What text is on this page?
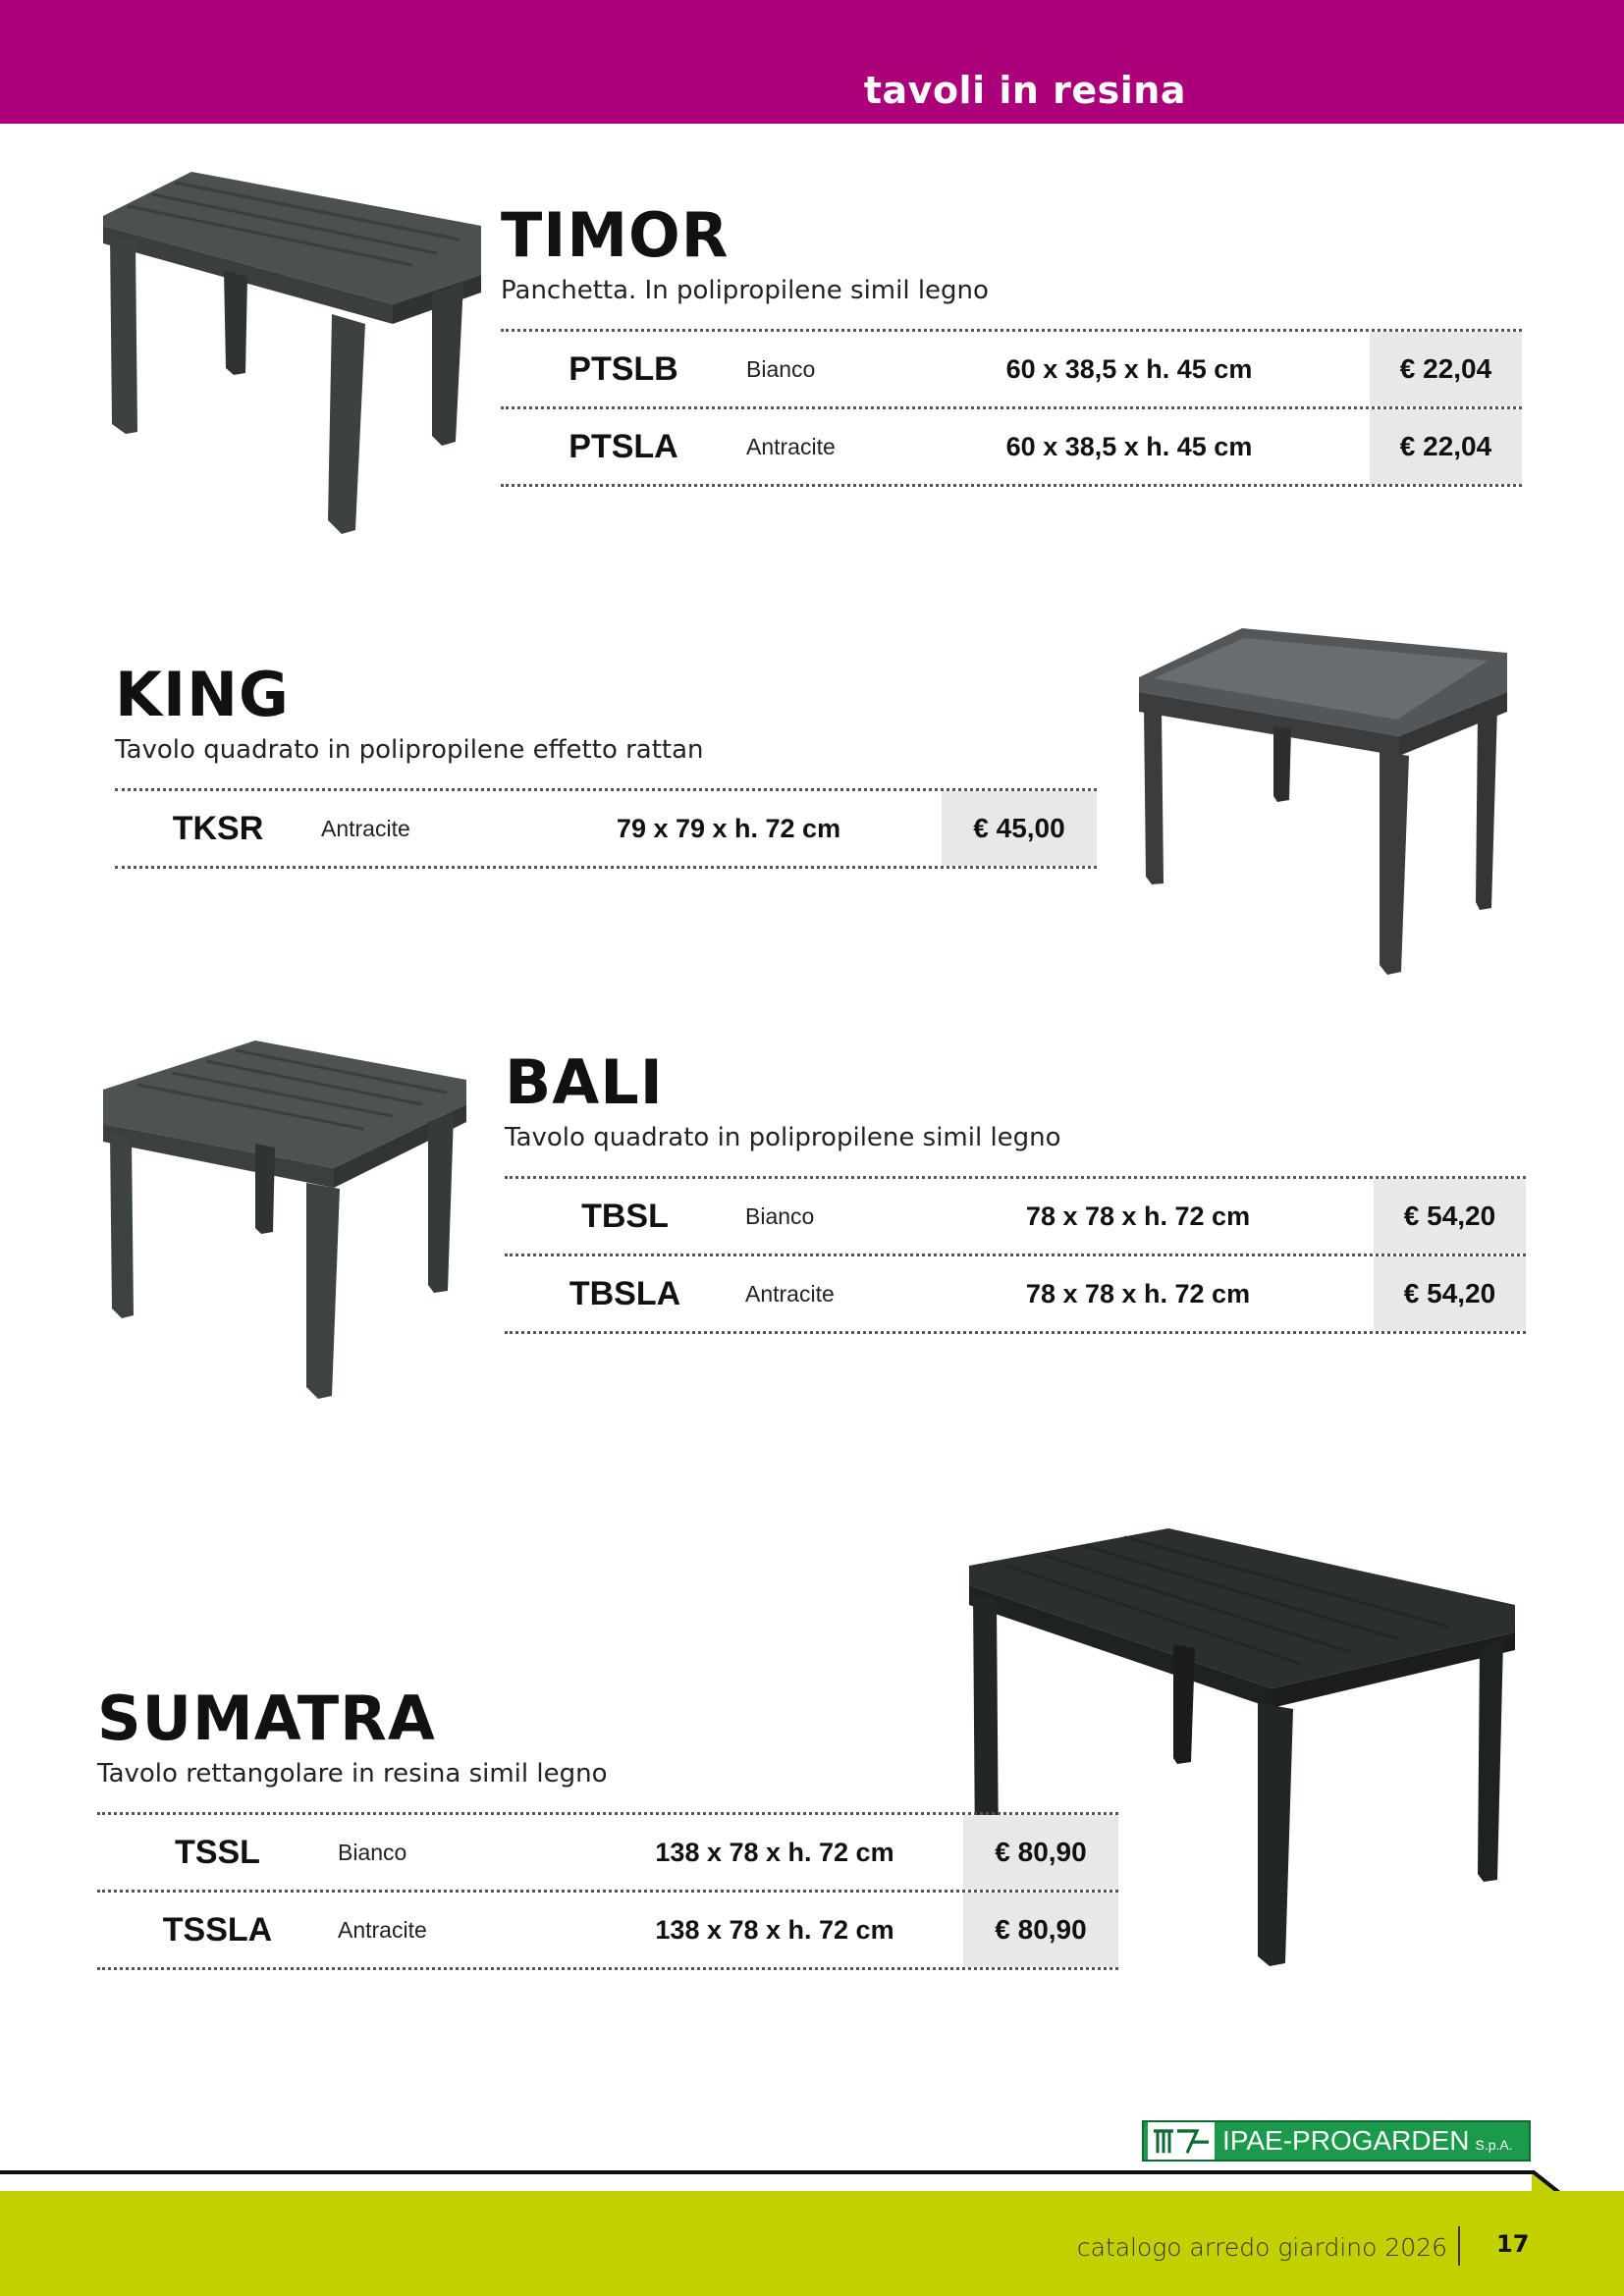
tavoli in resina
TIMOR
Panchetta. In polipropilene simil legno
PTSLB	Bianco	60 x 38,5 x h. 45 cm	€ 22,04
PTSLA	Antracite	60 x 38,5 x h. 45 cm	€ 22,04
KING
Tavolo quadrato in polipropilene effetto rattan
TKSR	Antracite	79 x 79 x h. 72 cm	€ 45,00
BALI
Tavolo quadrato in polipropilene simil legno
TBSL	Bianco	78 x 78 x h. 72 cm	€ 54,20
TBSLA	Antracite	78 x 78 x h. 72 cm	€ 54,20
SUMATRA
Tavolo rettangolare in resina simil legno
TSSL	Bianco	138 x 78 x h. 72 cm	€ 80,90
TSSLA	Antracite	138 x 78 x h. 72 cm	€ 80,90
IPAE-PROGARDEN S.p.A.
catalogo arredo giardino 2026 17
